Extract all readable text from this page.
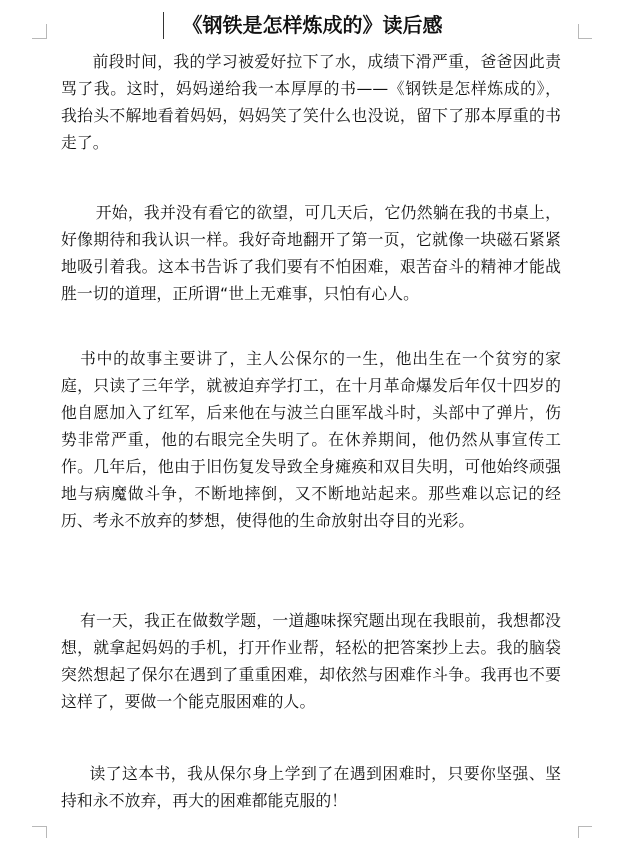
《钢铁是怎样炼成的》读后感

前段时间，我的学习被爱好拉下了水，成绩下滑严重，爸爸因此责骂了我。这时，妈妈递给我一本厚厚的书——《钢铁是怎样炼成的》，我抬头不解地看着妈妈，妈妈笑了笑什么也没说，留下了那本厚重的书走了。

开始，我并没有看它的欲望，可几天后，它仍然躺在我的书桌上，好像期待和我认识一样。我好奇地翻开了第一页，它就像一块磁石紧紧地吸引着我。这本书告诉了我们要有不怕困难，艰苦奋斗的精神才能战胜一切的道理，正所谓“世上无难事，只怕有心人。

书中的故事主要讲了，主人公保尔的一生，他出生在一个贫穷的家庭，只读了三年学，就被迫弃学打工，在十月革命爆发后年仅十四岁的他自愿加入了红军，后来他在与波兰白匪军战斗时，头部中了弹片，伤势非常严重，他的右眼完全失明了。在休养期间，他仍然从事宣传工作。几年后，他由于旧伤复发导致全身瘫痪和双目失明，可他始终顽强地与病魔做斗争，不断地摔倒，又不断地站起来。那些难以忘记的经历、考永不放弃的梦想，使得他的生命放射出夺目的光彩。

有一天，我正在做数学题，一道趣味探究题出现在我眼前，我想都没想，就拿起妈妈的手机，打开作业帮，轻松的把答案抄上去。我的脑袋突然想起了保尔在遇到了重重困难，却依然与困难作斗争。我再也不要这样了，要做一个能克服困难的人。

读了这本书，我从保尔身上学到了在遇到困难时，只要你坚强、坚持和永不放弃，再大的困难都能克服的！
